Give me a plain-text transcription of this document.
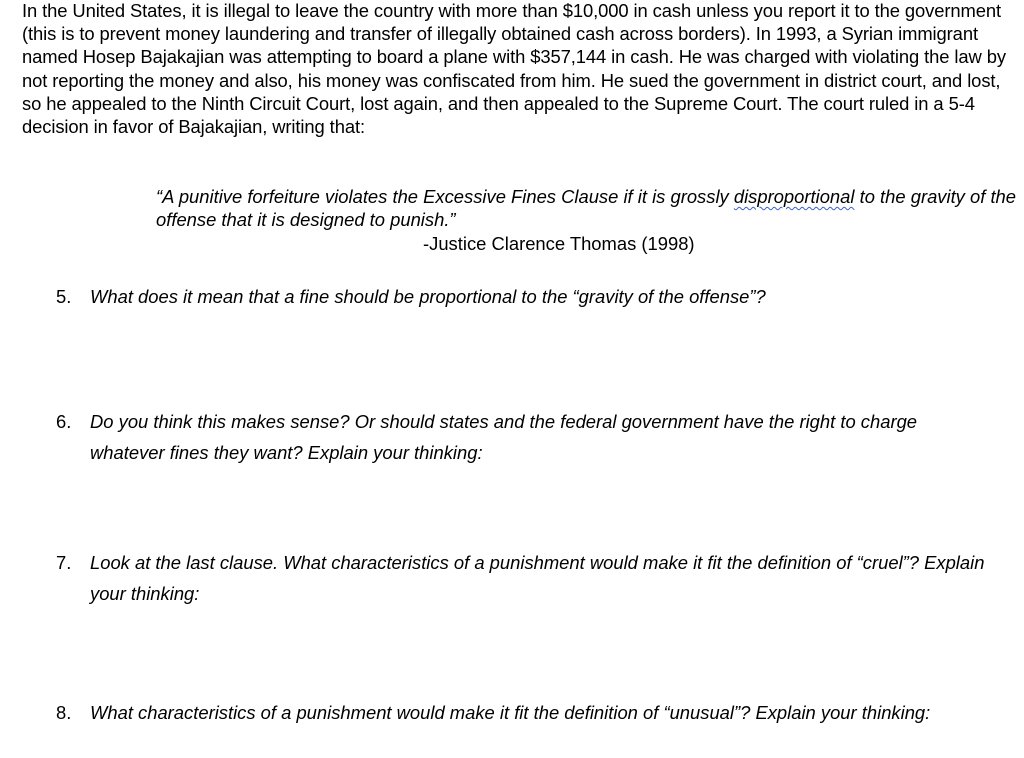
In the United States, it is illegal to leave the country with more than $10,000 in cash unless you report it to the government (this is to prevent money laundering and transfer of illegally obtained cash across borders). In 1993, a Syrian immigrant named Hosep Bajakajian was attempting to board a plane with $357,144 in cash. He was charged with violating the law by not reporting the money and also, his money was confiscated from him. He sued the government in district court, and lost, so he appealed to the Ninth Circuit Court, lost again, and then appealed to the Supreme Court. The court ruled in a 5-4 decision in favor of Bajakajian, writing that:

“A punitive forfeiture violates the Excessive Fines Clause if it is grossly disproportional to the gravity of the offense that it is designed to punish.”

-Justice Clarence Thomas (1998)

5.	What does it mean that a fine should be proportional to the “gravity of the offense”?
6.	Do you think this makes sense? Or should states and the federal government have the right to charge whatever fines they want? Explain your thinking:
7.	Look at the last clause. What characteristics of a punishment would make it fit the definition of “cruel”? Explain your thinking:
8.	What characteristics of a punishment would make it fit the definition of “unusual”? Explain your thinking:
